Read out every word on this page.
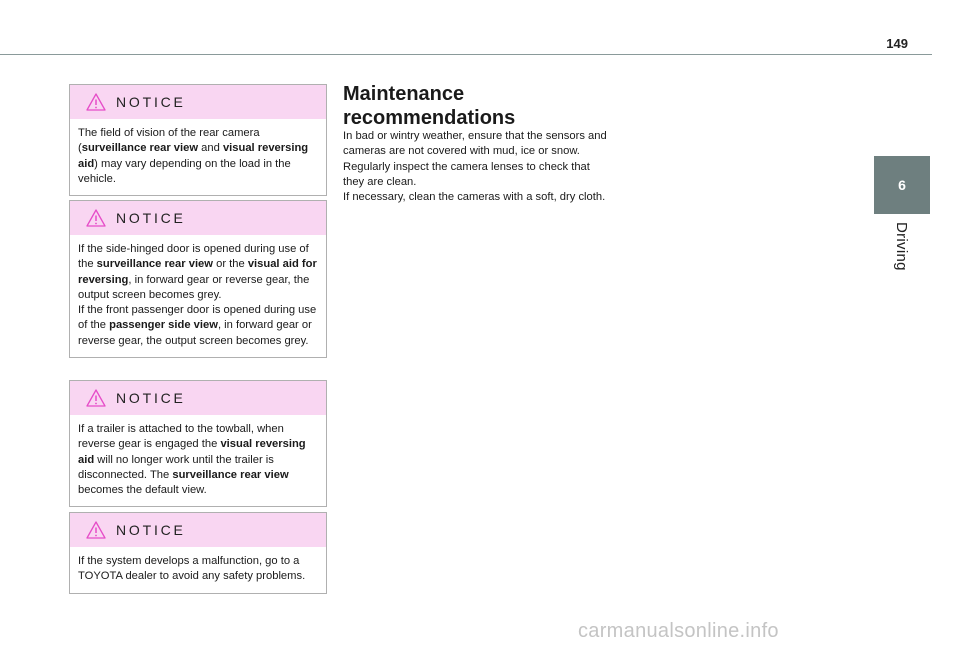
149
6
Driving
NOTICE
The field of vision of the rear camera (surveillance rear view and visual reversing aid) may vary depending on the load in the vehicle.
NOTICE
If the side-hinged door is opened during use of the surveillance rear view or the visual aid for reversing, in forward gear or reverse gear, the output screen becomes grey.
If the front passenger door is opened during use of the passenger side view, in forward gear or reverse gear, the output screen becomes grey.
NOTICE
If a trailer is attached to the towball, when reverse gear is engaged the visual reversing aid will no longer work until the trailer is disconnected. The surveillance rear view becomes the default view.
NOTICE
If the system develops a malfunction, go to a TOYOTA dealer to avoid any safety problems.
Maintenance recommendations
In bad or wintry weather, ensure that the sensors and cameras are not covered with mud, ice or snow.
Regularly inspect the camera lenses to check that they are clean.
If necessary, clean the cameras with a soft, dry cloth.
carmanualsonline.info
